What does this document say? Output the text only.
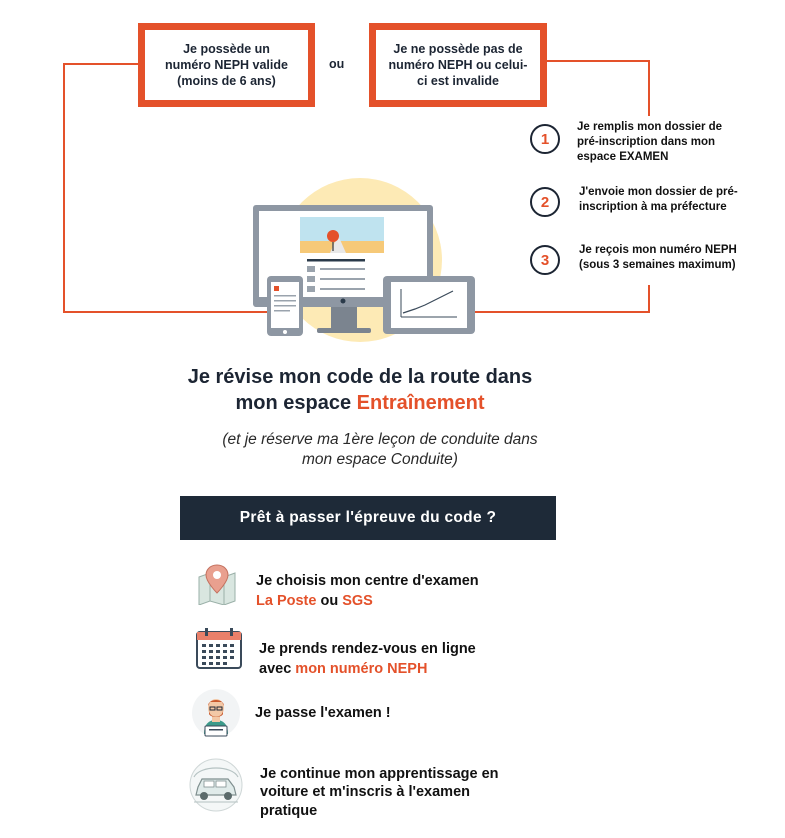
Je possède un numéro NEPH valide (moins de 6 ans)
ou
Je ne possède pas de numéro NEPH ou celui-ci est invalide
1
Je remplis mon dossier de pré-inscription dans mon espace EXAMEN
2
J'envoie mon dossier de pré-inscription à ma préfecture
3
Je reçois mon numéro NEPH (sous 3 semaines maximum)
Je révise mon code de la route dans
mon espace Entraînement
(et je réserve ma 1ère leçon de conduite dans
mon espace Conduite)
Prêt à passer l'épreuve du code ?
Je choisis mon centre d'examen
La Poste ou SGS
Je prends rendez-vous en ligne
avec mon numéro NEPH
Je passe l'examen !
Je continue mon apprentissage en
voiture et m'inscris à l'examen
pratique
